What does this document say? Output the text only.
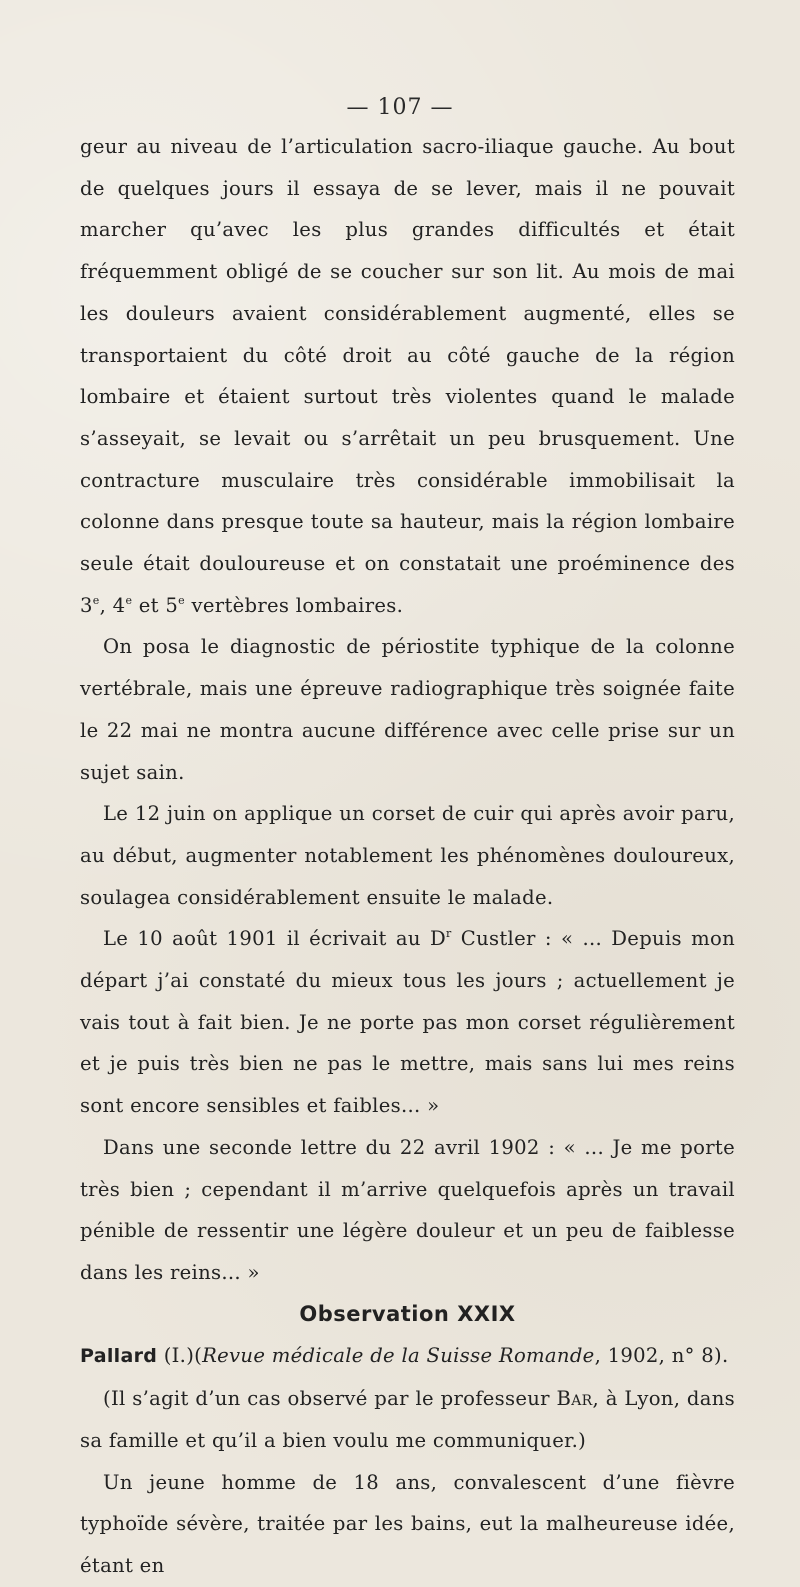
— 107 —

geur au niveau de l’articulation sacro-iliaque gauche. Au bout de quelques jours il essaya de se lever, mais il ne pouvait marcher qu’avec les plus grandes difficultés et était fréquemment obligé de se coucher sur son lit. Au mois de mai les douleurs avaient considérablement augmenté, elles se transportaient du côté droit au côté gauche de la région lombaire et étaient surtout très violentes quand le malade s’asseyait, se levait ou s’arrêtait un peu brusquement. Une contracture musculaire très considérable immobilisait la colonne dans presque toute sa hauteur, mais la région lombaire seule était douloureuse et on constatait une proéminence des 3e, 4e et 5e vertèbres lombaires.

On posa le diagnostic de périostite typhique de la colonne vertébrale, mais une épreuve radiographique très soignée faite le 22 mai ne montra aucune différence avec celle prise sur un sujet sain.

Le 12 juin on applique un corset de cuir qui après avoir paru, au début, augmenter notablement les phénomènes douloureux, soulagea considérablement ensuite le malade.

Le 10 août 1901 il écrivait au $D^r$ Custler : « ... Depuis mon départ j’ai constaté du mieux tous les jours ; actuellement je vais tout à fait bien. Je ne porte pas mon corset régulièrement et je puis très bien ne pas le mettre, mais sans lui mes reins sont encore sensibles et faibles... »

Dans une seconde lettre du 22 avril 1902 : « ... Je me porte très bien ; cependant il m’arrive quelquefois après un travail pénible de ressentir une légère douleur et un peu de faiblesse dans les reins... »

Observation XXIX

Pallard (I.)(Revue médicale de la Suisse Romande, 1902, n° 8).

(Il s’agit d’un cas observé par le professeur Bar, à Lyon, dans sa famille et qu’il a bien voulu me communiquer.)

Un jeune homme de 18 ans, convalescent d’une fièvre typhoïde sévère, traitée par les bains, eut la malheureuse idée, étant en
